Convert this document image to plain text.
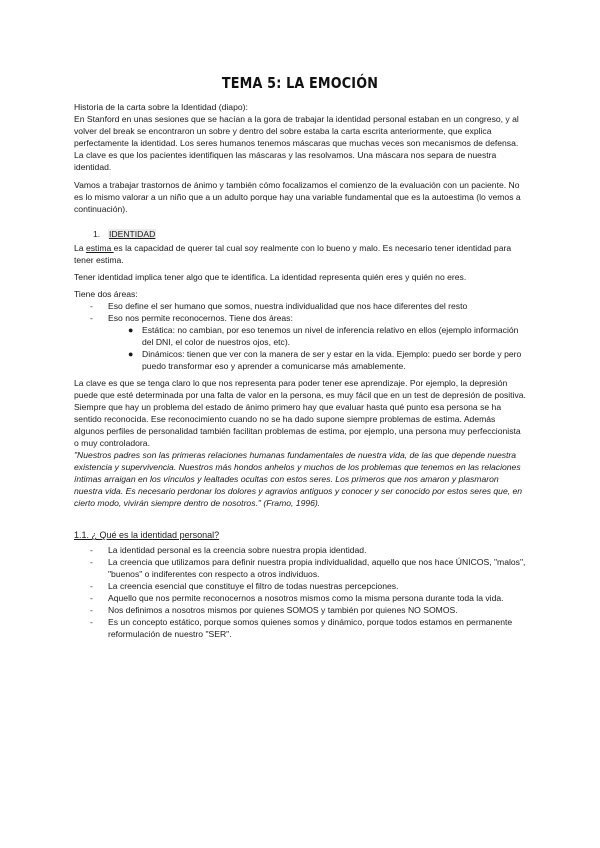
TEMA 5: LA EMOCIÓN

Historia de la carta sobre la Identidad (diapo):

En Stanford en unas sesiones que se hacían a la gora de trabajar la identidad personal estaban en un congreso, y al volver del break se encontraron un sobre y dentro del sobre estaba la carta escrita anteriormente, que explica perfectamente la identidad. Los seres humanos tenemos máscaras que muchas veces son mecanismos de defensa. La clave es que los pacientes identifiquen las máscaras y las resolvamos. Una máscara nos separa de nuestra identidad.

Vamos a trabajar trastornos de ánimo y también cómo focalizamos el comienzo de la evaluación con un paciente. No es lo mismo valorar a un niño que a un adulto porque hay una variable fundamental que es la autoestima (lo vemos a continuación).

1. IDENTIDAD

La estima es la capacidad de querer tal cual soy realmente con lo bueno y malo. Es necesario tener identidad para tener estima.

Tener identidad implica tener algo que te identifica. La identidad representa quién eres y quién no eres.

Tiene dos áreas:

- Eso define el ser humano que somos, nuestra individualidad que nos hace diferentes del resto
- Eso nos permite reconocernos. Tiene dos áreas:
● Estática: no cambian, por eso tenemos un nivel de inferencia relativo en ellos (ejemplo información del DNI, el color de nuestros ojos, etc).
● Dinámicos: tienen que ver con la manera de ser y estar en la vida. Ejemplo: puedo ser borde y pero puedo transformar eso y aprender a comunicarse más amablemente.

La clave es que se tenga claro lo que nos representa para poder tener ese aprendizaje. Por ejemplo, la depresión puede que esté determinada por una falta de valor en la persona, es muy fácil que en un test de depresión de positiva. Siempre que hay un problema del estado de ánimo primero hay que evaluar hasta qué punto esa persona se ha sentido reconocida. Ese reconocimiento cuando no se ha dado supone siempre problemas de estima. Además algunos perfiles de personalidad también facilitan problemas de estima, por ejemplo, una persona muy perfeccionista o muy controladora.

"Nuestros padres son las primeras relaciones humanas fundamentales de nuestra vida, de las que depende nuestra existencia y supervivencia. Nuestros más hondos anhelos y muchos de los problemas que tenemos en las relaciones íntimas arraigan en los vínculos y lealtades ocultas con estos seres. Los primeros que nos amaron y plasmaron nuestra vida. Es necesario perdonar los dolores y agravios antiguos y conocer y ser conocido por estos seres que, en cierto modo, vivirán siempre dentro de nosotros." (Framo, 1996).

1.1. ¿ Qué es la identidad personal?
- La identidad personal es la creencia sobre nuestra propia identidad.
- La creencia que utilizamos para definir nuestra propia individualidad, aquello que nos hace ÚNICOS, "malos", "buenos" o indiferentes con respecto a otros individuos.
- La creencia esencial que constituye el filtro de todas nuestras percepciones.
- Aquello que nos permite reconocernos a nosotros mismos como la misma persona durante toda la vida.
- Nos definimos a nosotros mismos por quienes SOMOS y también por quienes NO SOMOS.
- Es un concepto estático, porque somos quienes somos y dinámico, porque todos estamos en permanente reformulación de nuestro "SER".
